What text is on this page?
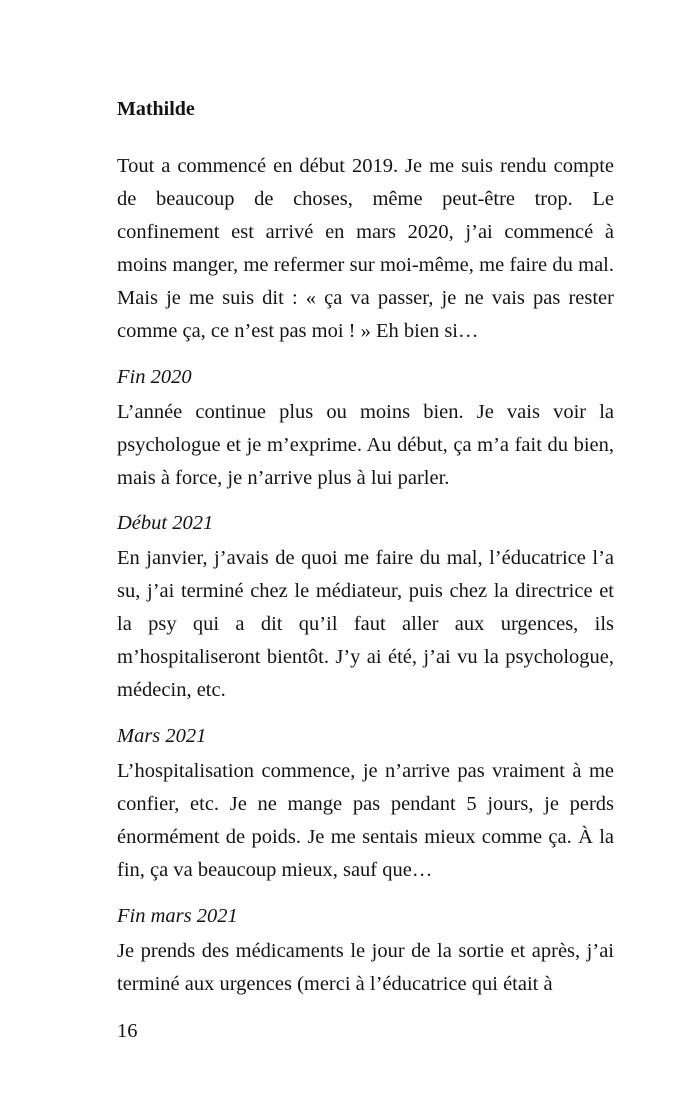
Mathilde

Tout a commencé en début 2019. Je me suis rendu compte de beaucoup de choses, même peut-être trop. Le confinement est arrivé en mars 2020, j’ai commencé à moins manger, me refermer sur moi-même, me faire du mal. Mais je me suis dit : « ça va passer, je ne vais pas rester comme ça, ce n’est pas moi ! » Eh bien si…

Fin 2020

L’année continue plus ou moins bien. Je vais voir la psychologue et je m’exprime. Au début, ça m’a fait du bien, mais à force, je n’arrive plus à lui parler.

Début 2021

En janvier, j’avais de quoi me faire du mal, l’éducatrice l’a su, j’ai terminé chez le médiateur, puis chez la directrice et la psy qui a dit qu’il faut aller aux urgences, ils m’hospitaliseront bientôt. J’y ai été, j’ai vu la psychologue, médecin, etc.

Mars 2021

L’hospitalisation commence, je n’arrive pas vraiment à me confier, etc. Je ne mange pas pendant 5 jours, je perds énormément de poids. Je me sentais mieux comme ça. À la fin, ça va beaucoup mieux, sauf que…

Fin mars 2021

Je prends des médicaments le jour de la sortie et après, j’ai terminé aux urgences (merci à l’éducatrice qui était à

16
